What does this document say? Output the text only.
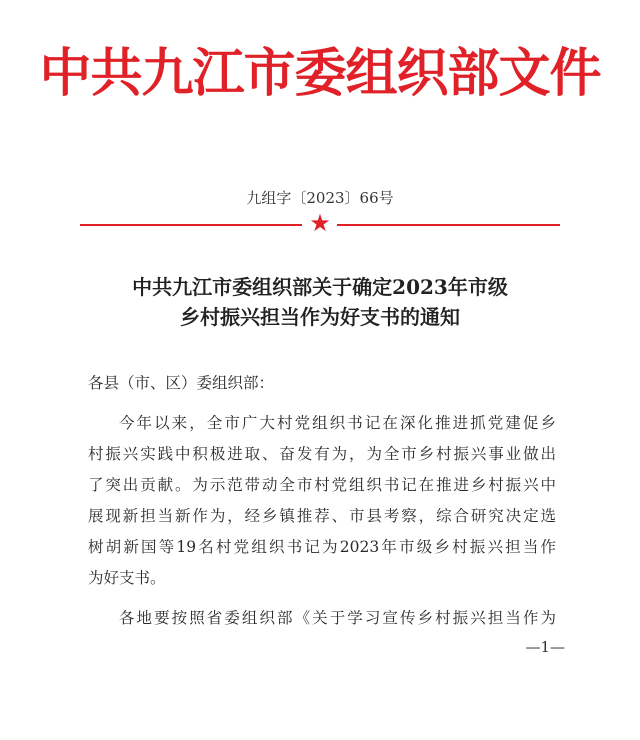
中共九江市委组织部文件
九组字〔2023〕66号
★
中共九江市委组织部关于确定2023年市级
乡村振兴担当作为好支书的通知
各县（市、区）委组织部：
今年以来，全市广大村党组织书记在深化推进抓党建促乡
村振兴实践中积极进取、奋发有为，为全市乡村振兴事业做出
了突出贡献。为示范带动全市村党组织书记在推进乡村振兴中
展现新担当新作为，经乡镇推荐、市县考察，综合研究决定选
树胡新国等19名村党组织书记为2023年市级乡村振兴担当作
为好支书。
各地要按照省委组织部《关于学习宣传乡村振兴担当作为
—1—
